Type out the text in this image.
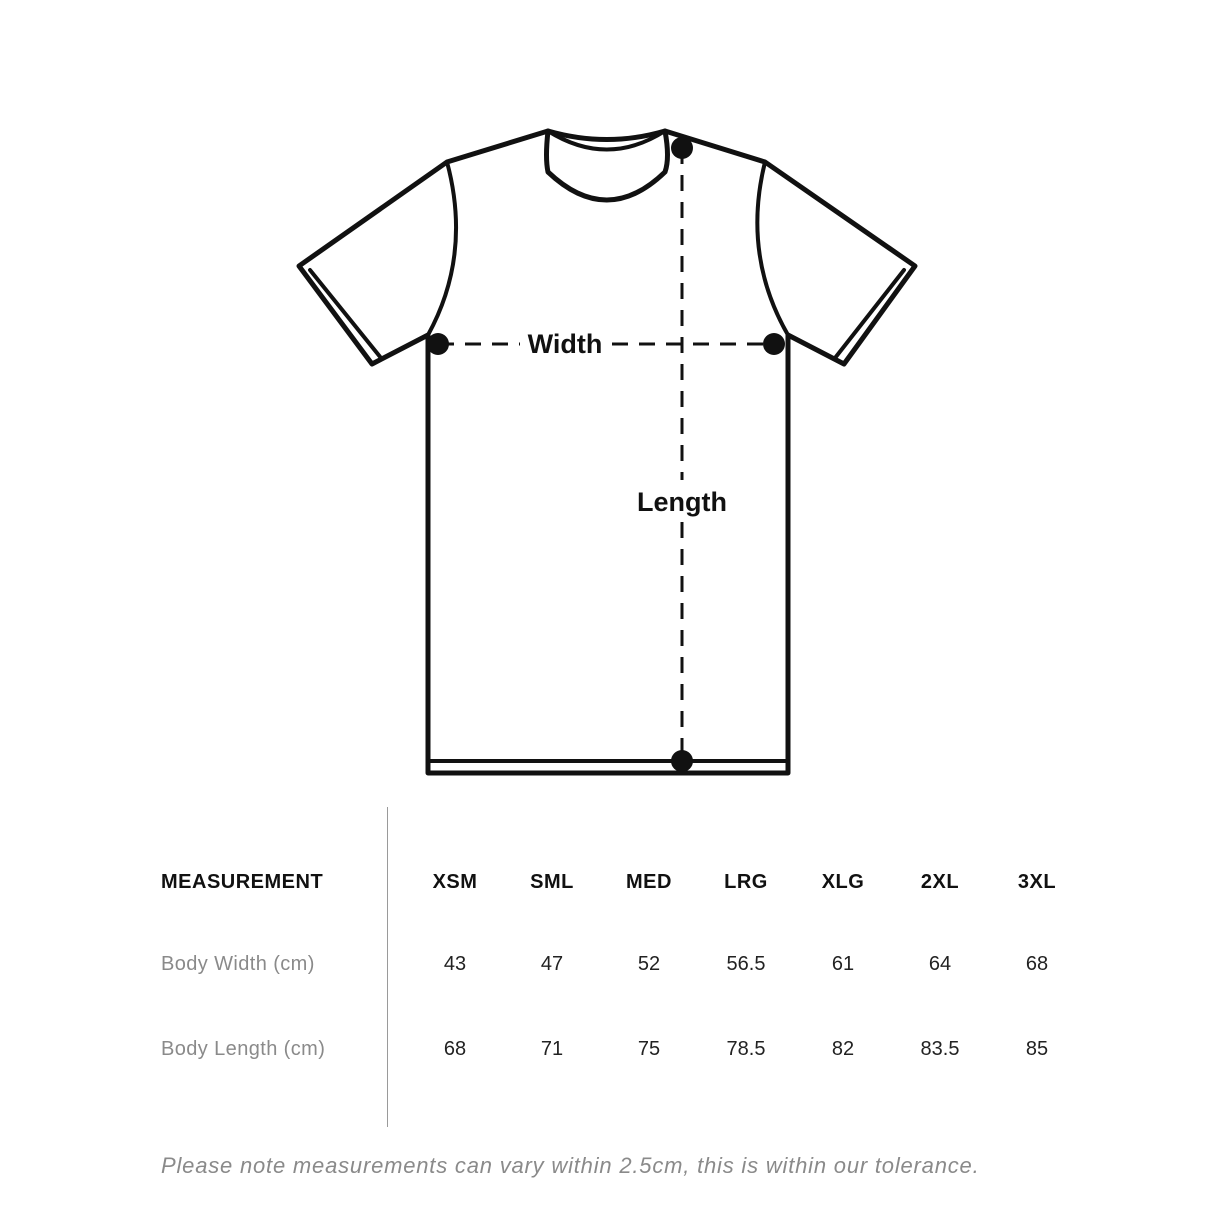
Width
Length
MEASUREMENT	XSM	SML	MED	LRG	XLG	2XL	3XL
Body Width (cm)	43	47	52	56.5	61	64	68
Body Length (cm)	68	71	75	78.5	82	83.5	85
Please note measurements can vary within 2.5cm, this is within our tolerance.
